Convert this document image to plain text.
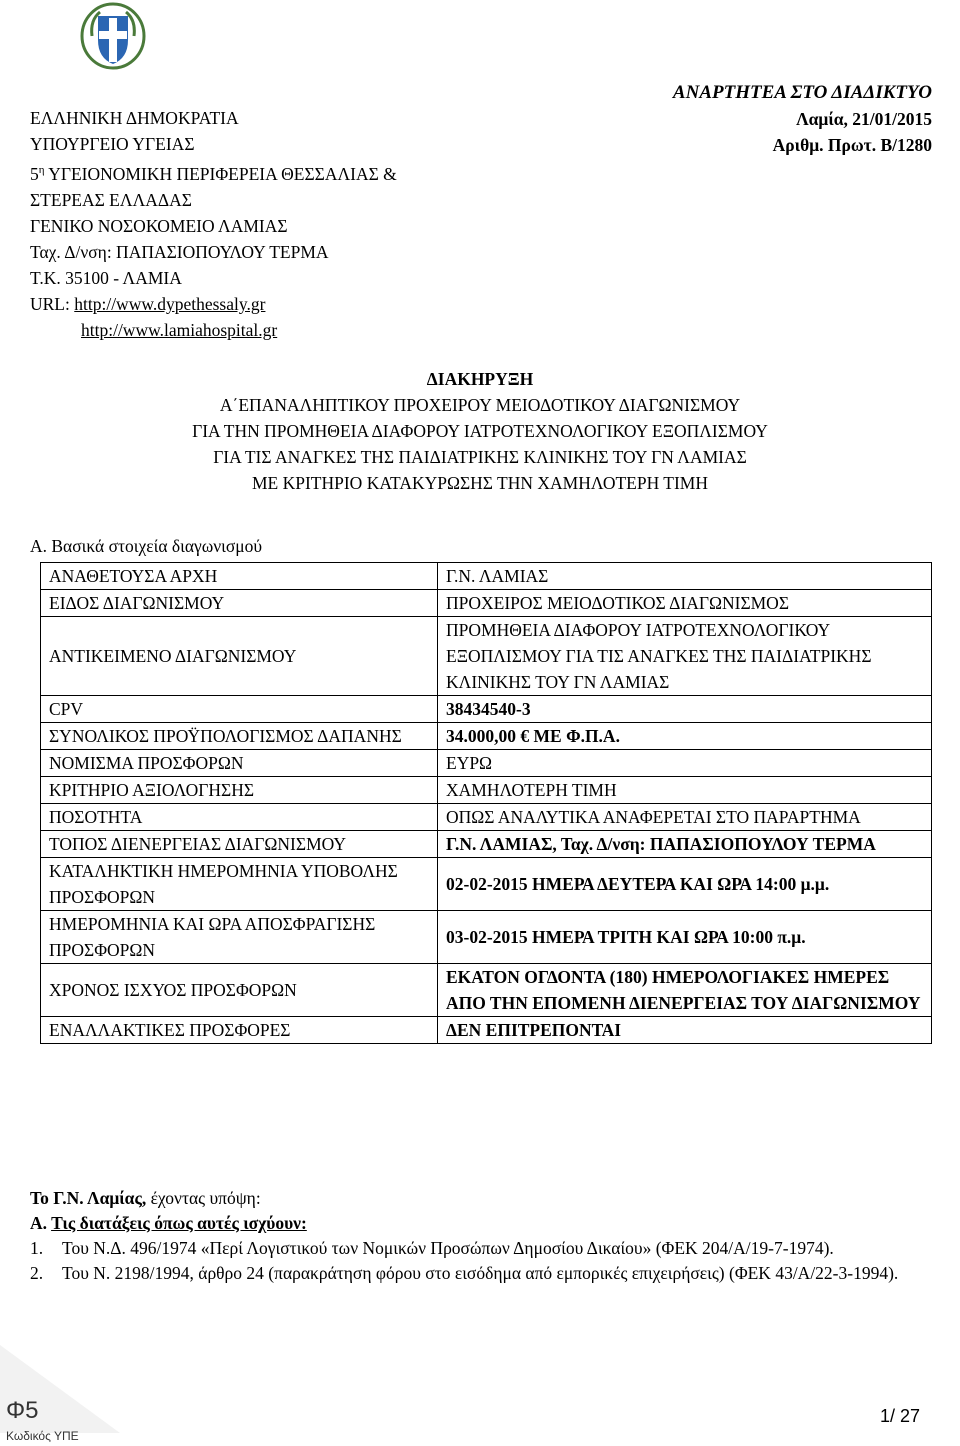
ΕΛΛΗΝΙΚΗ ΔΗΜΟΚΡΑΤΙΑ
ΥΠΟΥΡΓΕΙΟ ΥΓΕΙΑΣ
$5^\eta$ ΥΓΕΙΟΝΟΜΙΚΗ ΠΕΡΙΦΕΡΕΙΑ ΘΕΣΣΑΛΙΑΣ &
ΣΤΕΡΕΑΣ ΕΛΛΑΔΑΣ
ΓΕΝΙΚΟ ΝΟΣΟΚΟΜΕΙΟ ΛΑΜΙΑΣ
Ταχ. Δ/νση: ΠΑΠΑΣΙΟΠΟΥΛΟΥ ΤΕΡΜΑ
Τ.Κ. 35100 - ΛΑΜΙΑ
URL: http://www.dypethessaly.gr
http://www.lamiahospital.gr
ΑΝΑΡΤΗΤΕΑ ΣΤΟ ΔΙΑΔΙΚΤΥΟ
Λαμία, 21/01/2015
Αριθμ. Πρωτ. Β/1280
ΔΙΑΚΗΡΥΞΗ
Α΄ΕΠΑΝΑΛΗΠΤΙΚΟΥ ΠΡΟΧΕΙΡΟΥ ΜΕΙΟΔΟΤΙΚΟΥ ΔΙΑΓΩΝΙΣΜΟΥ
ΓΙΑ ΤΗΝ ΠΡΟΜΗΘΕΙΑ ΔΙΑΦΟΡΟΥ ΙΑΤΡΟΤΕΧΝΟΛΟΓΙΚΟΥ ΕΞΟΠΛΙΣΜΟΥ
ΓΙΑ ΤΙΣ ΑΝΑΓΚΕΣ ΤΗΣ ΠΑΙΔΙΑΤΡΙΚΗΣ ΚΛΙΝΙΚΗΣ ΤΟΥ ΓΝ ΛΑΜΙΑΣ
ΜΕ ΚΡΙΤΗΡΙΟ ΚΑΤΑΚΥΡΩΣΗΣ ΤΗΝ ΧΑΜΗΛΟΤΕΡΗ ΤΙΜΗ
Α. Βασικά στοιχεία διαγωνισμού
ΑΝΑΘΕΤΟΥΣΑ ΑΡΧΗ	Γ.Ν. ΛΑΜΙΑΣ
ΕΙΔΟΣ ΔΙΑΓΩΝΙΣΜΟΥ	ΠΡΟΧΕΙΡΟΣ ΜΕΙΟΔΟΤΙΚΟΣ ΔΙΑΓΩΝΙΣΜΟΣ
ΑΝΤΙΚΕΙΜΕΝΟ ΔΙΑΓΩΝΙΣΜΟΥ	ΠΡΟΜΗΘΕΙΑ ΔΙΑΦΟΡΟΥ ΙΑΤΡΟΤΕΧΝΟΛΟΓΙΚΟΥ ΕΞΟΠΛΙΣΜΟΥ ΓΙΑ ΤΙΣ ΑΝΑΓΚΕΣ ΤΗΣ ΠΑΙΔΙΑΤΡΙΚΗΣ ΚΛΙΝΙΚΗΣ ΤΟΥ ΓΝ ΛΑΜΙΑΣ
CPV	38434540-3
ΣΥΝΟΛΙΚΟΣ ΠΡΟΫΠΟΛΟΓΙΣΜΟΣ ΔΑΠΑΝΗΣ	34.000,00 € ΜΕ Φ.Π.Α.
ΝΟΜΙΣΜΑ ΠΡΟΣΦΟΡΩΝ	ΕΥΡΩ
ΚΡΙΤΗΡΙΟ ΑΞΙΟΛΟΓΗΣΗΣ	ΧΑΜΗΛΟΤΕΡΗ ΤΙΜΗ
ΠΟΣΟΤΗΤΑ	ΟΠΩΣ ΑΝΑΛΥΤΙΚΑ ΑΝΑΦΕΡΕΤΑΙ ΣΤΟ ΠΑΡΑΡΤΗΜΑ
ΤΟΠΟΣ ΔΙΕΝΕΡΓΕΙΑΣ ΔΙΑΓΩΝΙΣΜΟΥ	Γ.Ν. ΛΑΜΙΑΣ, Ταχ. Δ/νση: ΠΑΠΑΣΙΟΠΟΥΛΟΥ ΤΕΡΜΑ
ΚΑΤΑΛΗΚΤΙΚΗ ΗΜΕΡΟΜΗΝΙΑ ΥΠΟΒΟΛΗΣ ΠΡΟΣΦΟΡΩΝ	02-02-2015 ΗΜΕΡΑ ΔΕΥΤΕΡΑ ΚΑΙ ΩΡΑ 14:00 μ.μ.
ΗΜΕΡΟΜΗΝΙΑ ΚΑΙ ΩΡΑ ΑΠΟΣΦΡΑΓΙΣΗΣ ΠΡΟΣΦΟΡΩΝ	03-02-2015 ΗΜΕΡΑ ΤΡΙΤΗ ΚΑΙ ΩΡΑ 10:00 π.μ.
ΧΡΟΝΟΣ ΙΣΧΥΟΣ ΠΡΟΣΦΟΡΩΝ	ΕΚΑΤΟΝ ΟΓΔΟΝΤΑ (180) ΗΜΕΡΟΛΟΓΙΑΚΕΣ ΗΜΕΡΕΣ ΑΠΟ ΤΗΝ ΕΠΟΜΕΝΗ ΔΙΕΝΕΡΓΕΙΑΣ ΤΟΥ ΔΙΑΓΩΝΙΣΜΟΥ
ΕΝΑΛΛΑΚΤΙΚΕΣ ΠΡΟΣΦΟΡΕΣ	ΔΕΝ ΕΠΙΤΡΕΠΟΝΤΑΙ
Το Γ.Ν. Λαμίας, έχοντας υπόψη:
Α. Τις διατάξεις όπως αυτές ισχύουν:
1.	Του Ν.Δ. 496/1974 «Περί Λογιστικού των Νομικών Προσώπων Δημοσίου Δικαίου» (ΦΕΚ 204/Α/19-7-1974).
2.	Του Ν. 2198/1994, άρθρο 24 (παρακράτηση φόρου στο εισόδημα από εμπορικές επιχειρήσεις) (ΦΕΚ 43/Α/22-3-1994).
Φ5
Κωδικός ΥΠΕ
1/ 27
